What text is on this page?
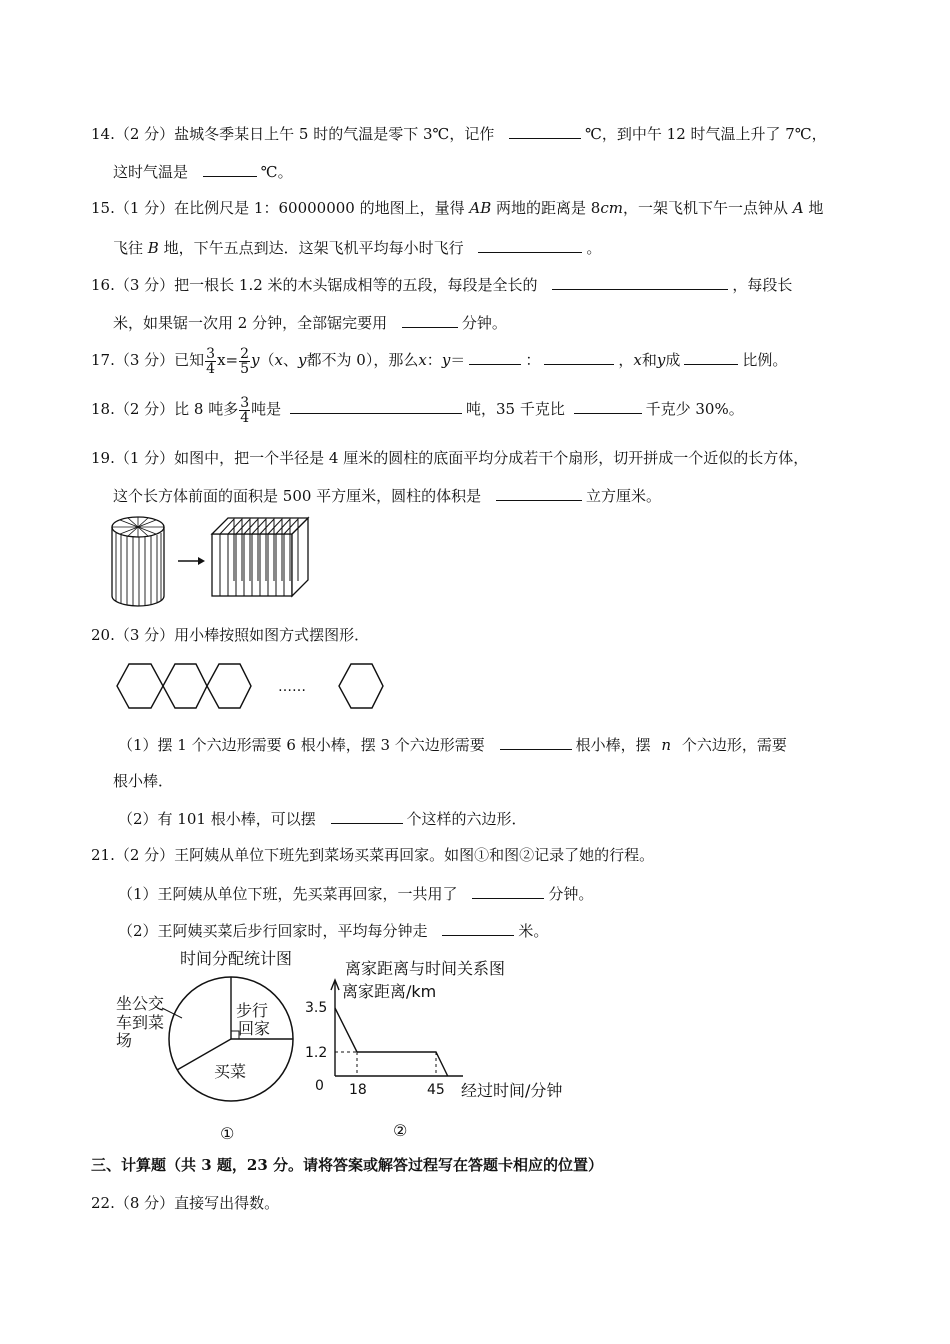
14.（2 分）盐城冬季某日上午 5 时的气温是零下 3℃，记作	℃，到中午 12 时气温上升了 7℃，
这时气温是	℃。
15.（1 分）在比例尺是 1：60000000 的地图上，量得 AB 两地的距离是 8cm，一架飞机下午一点钟从 A 地
飞往 B 地，下午五点到达．这架飞机平均每小时飞行	。
16.（3 分）把一根长 1.2 米的木头锯成相等的五段，每段是全长的	，每段长
米，如果锯一次用 2 分钟，全部锯完要用	分钟。
17.（3 分）已知 $\frac{3}{4} x= \frac{2}{5} y(x$、y都不为 0），那么x：y＝	：	，x和y成	比例。
18.（2 分）比 8 吨多 $\frac{3}{4}$ 吨是	吨，35 千克比	千克少 30%。
19.（1 分）如图中，把一个半径是 4 厘米的圆柱的底面平均分成若干个扇形，切开拼成一个近似的长方体，
这个长方体前面的面积是 500 平方厘米，圆柱的体积是	立方厘米。
20.（3 分）用小棒按照如图方式摆图形．
……
（1）摆 1 个六边形需要 6 根小棒，摆 3 个六边形需要	根小棒，摆 n 个六边形，需要
根小棒．
（2）有 101 根小棒，可以摆	个这样的六边形．
21.（2 分）王阿姨从单位下班先到菜场买菜再回家。如图①和图②记录了她的行程。
（1）王阿姨从单位下班，先买菜再回家，一共用了	分钟。
（2）王阿姨买菜后步行回家时，平均每分钟走	米。
时间分配统计图
坐公交
车到菜
场
步行
回家
买菜
①
离家距离与时间关系图
离家距离/km
0
3.5
1.2
18	45 经过时间/分钟
②
三、计算题（共 3 题，23 分。请将答案或解答过程写在答题卡相应的位置）
22.（8 分）直接写出得数。
